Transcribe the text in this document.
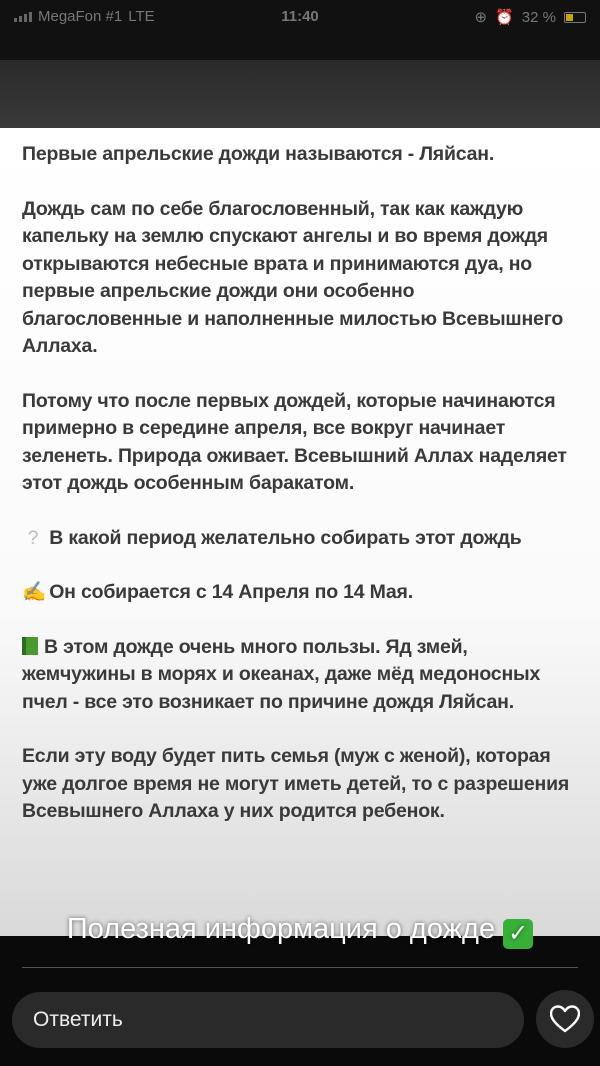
MegaFon #1 LTE	11:40	⊕ ⏰ 32 %

Первые апрельские дожди называются - Ляйсан.

Дождь сам по себе благословенный, так как каждую капельку на землю спускают ангелы и во время дождя открываются небесные врата и принимаются дуа, но первые апрельские дожди они особенно благословенные и наполненные милостью Всевышнего Аллаха.

Потому что после первых дождей, которые начинаются примерно в середине апреля, все вокруг начинает зеленеть. Природа оживает. Всевышний Аллах наделяет этот дождь особенным баракатом.

? В какой период желательно собирать этот дождь

✍ Он собирается с 14 Апреля по 14 Мая.

В этом дожде очень много пользы. Яд змей, жемчужины в морях и океанах, даже мёд медоносных пчел - все это возникает по причине дождя Ляйсан.

Если эту воду будет пить семья (муж с женой), которая уже долгое время не могут иметь детей, то с разрешения Всевышнего Аллаха у них родится ребенок.

Полезная информация о дожде ✓
Ответить
